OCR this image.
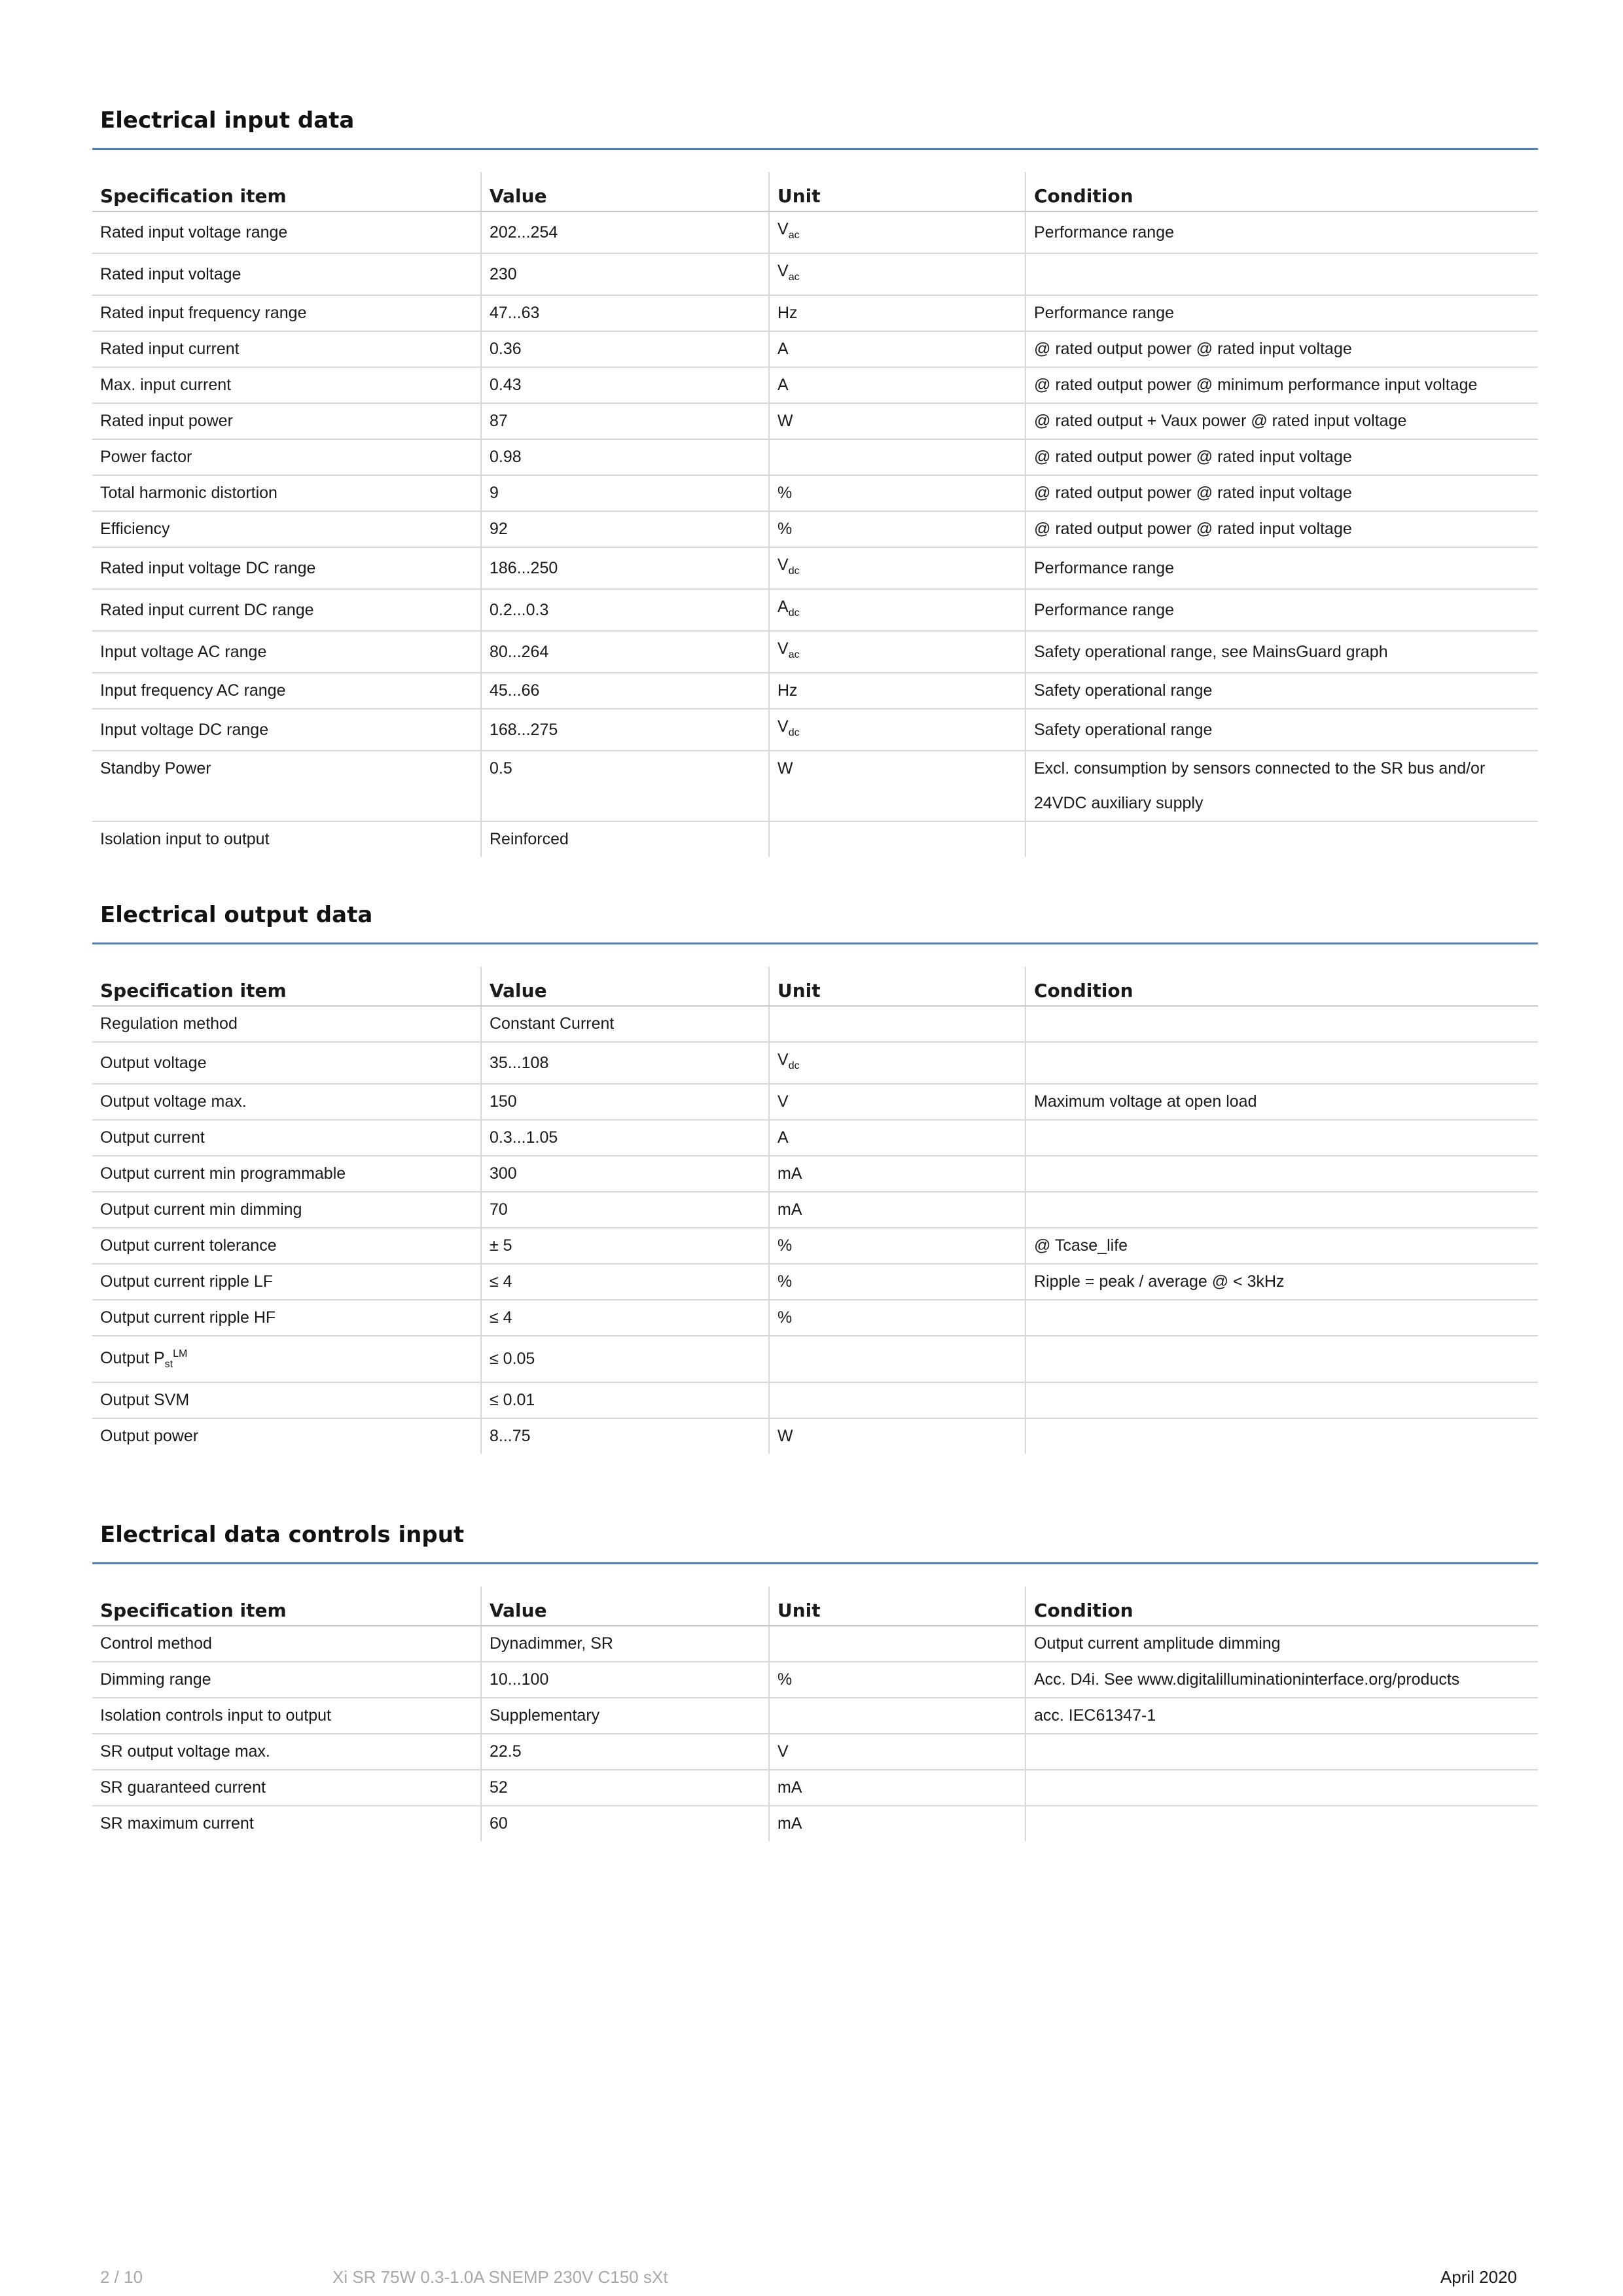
Electrical input data
Specification item	Value	Unit	Condition
Rated input voltage range	202...254	$V_{ac}$	Performance range
Rated input voltage	230	$V_{ac}$	
Rated input frequency range	47...63	Hz	Performance range
Rated input current	0.36	A	@ rated output power @ rated input voltage
Max. input current	0.43	A	@ rated output power @ minimum performance input voltage
Rated input power	87	W	@ rated output + Vaux power @ rated input voltage
Power factor	0.98		@ rated output power @ rated input voltage
Total harmonic distortion	9	%	@ rated output power @ rated input voltage
Efficiency	92	%	@ rated output power @ rated input voltage
Rated input voltage DC range	186...250	$V_{dc}$	Performance range
Rated input current DC range	0.2...0.3	$A_{dc}$	Performance range
Input voltage AC range	80...264	$V_{ac}$	Safety operational range, see MainsGuard graph
Input frequency AC range	45...66	Hz	Safety operational range
Input voltage DC range	168...275	$V_{dc}$	Safety operational range
Standby Power	0.5	W	Excl. consumption by sensors connected to the SR bus and/or
24VDC auxiliary supply

Isolation input to output	Reinforced		
Electrical output data
Specification item	Value	Unit	Condition
Regulation method	Constant Current		
Output voltage	35...108	$V_{dc}$	
Output voltage max.	150	V	Maximum voltage at open load
Output current	0.3...1.05	A	
Output current min programmable	300	mA	
Output current min dimming	70	mA	
Output current tolerance	± 5	%	@ Tcase_life
Output current ripple LF	≤ 4	%	Ripple = peak / average @ < 3kHz
Output current ripple HF	≤ 4	%	
Output $P_{st}^{LM}$	≤ 0.05		
Output SVM	≤ 0.01		
Output power	8...75	W	
Electrical data controls input
Specification item	Value	Unit	Condition
Control method	Dynadimmer, SR		Output current amplitude dimming
Dimming range	10...100	%	Acc. D4i. See www.digitalilluminationinterface.org/products
Isolation controls input to output	Supplementary		acc. IEC61347-1
SR output voltage max.	22.5	V	
SR guaranteed current	52	mA	
SR maximum current	60	mA	
2 / 10	Xi SR 75W 0.3-1.0A SNEMP 230V C150 sXt	April 2020
